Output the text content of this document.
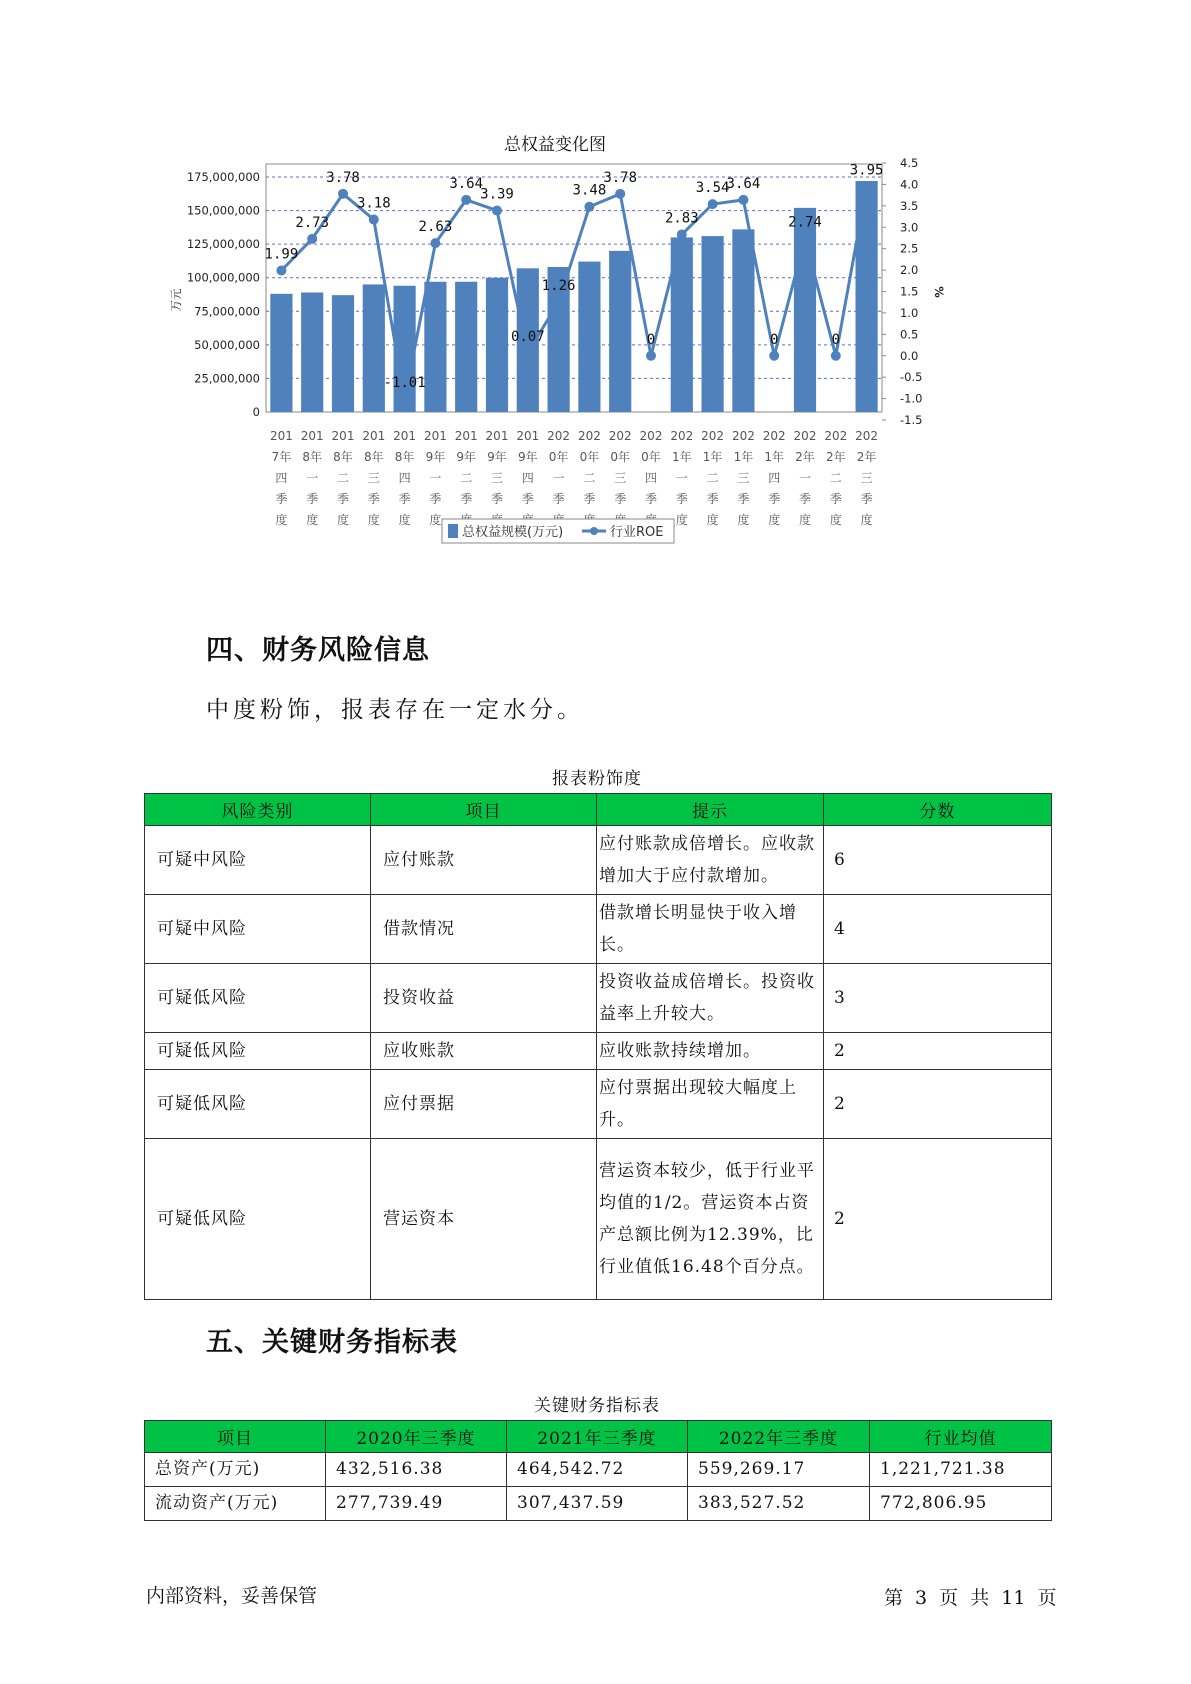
总权益变化图
0
25,000,000
50,000,000
75,000,000
100,000,000
125,000,000
150,000,000
175,000,000
万元
-1.5
-1.0
-0.5
0.0
0.5
1.0
1.5
2.0
2.5
3.0
3.5
4.0
4.5
%
1.99
2.73
3.78
3.18
-1.01
2.63
3.64
3.39
0.07
1.26
3.48
3.78
0
2.83
3.54
3.64
0
2.74
0
3.95
201 7年四季度
201 8年一季度
201 8年二季度
201 8年三季度
201 8年四季度
201 9年一季度
201 9年二季
201 9年三季
201 9年四季
202 0年一季
202 0年二季
202 0年三季
202 0年四季
202 1年一季度
202 1年二季度
202 1年三季度
202 1年四季度
202 2年一季度
202 2年二季度
202 2年三季度
总权益规模(万元)	行业ROE
四、财务风险信息

中度粉饰，报表存在一定水分。

报表粉饰度
风险类别	项目	提示	分数
可疑中风险	应付账款	应付账款成倍增长。应收款增加大于应付款增加。	6
可疑中风险	借款情况	借款增长明显快于收入增长。	4
可疑低风险	投资收益	投资收益成倍增长。投资收益率上升较大。	3
可疑低风险	应收账款	应收账款持续增加。	2
可疑低风险	应付票据	应付票据出现较大幅度上升。	2
可疑低风险	营运资本	营运资本较少，低于行业平均值的1/2。营运资本占资产总额比例为12.39%，比行业值低16.48个百分点。	2
五、关键财务指标表
关键财务指标表
项目	2020年三季度	2021年三季度	2022年三季度	行业均值
总资产(万元)	432,516.38	464,542.72	559,269.17	1,221,721.38
流动资产(万元)	277,739.49	307,437.59	383,527.52	772,806.95
内部资料，妥善保管	第 3 页 共 11 页
